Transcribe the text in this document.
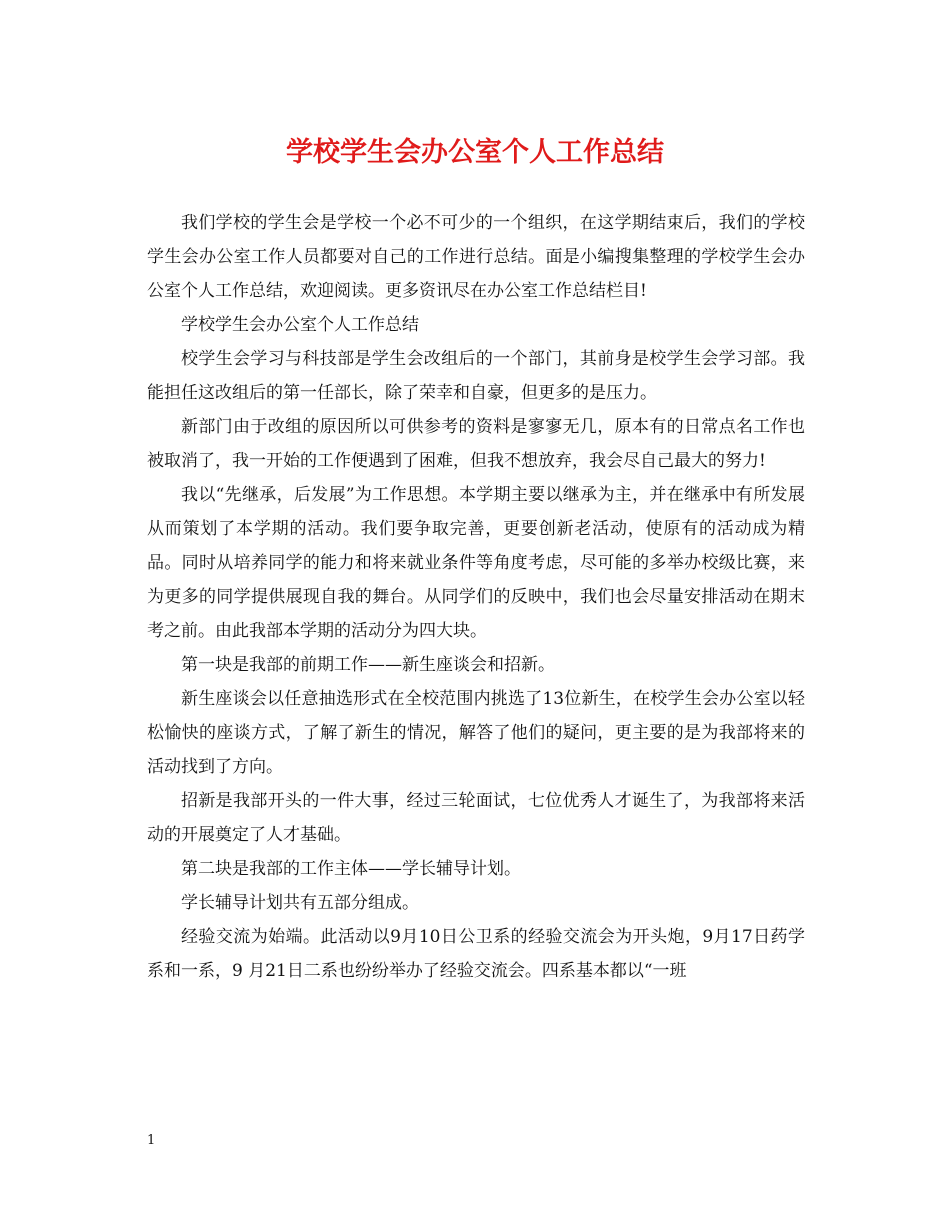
学校学生会办公室个人工作总结

我们学校的学生会是学校一个必不可少的一个组织，在这学期结束后，我们的学校学生会办公室工作人员都要对自己的工作进行总结。面是小编搜集整理的学校学生会办公室个人工作总结，欢迎阅读。更多资讯尽在办公室工作总结栏目!

学校学生会办公室个人工作总结

校学生会学习与科技部是学生会改组后的一个部门，其前身是校学生会学习部。我能担任这改组后的第一任部长，除了荣幸和自豪，但更多的是压力。

新部门由于改组的原因所以可供参考的资料是寥寥无几，原本有的日常点名工作也被取消了，我一开始的工作便遇到了困难，但我不想放弃，我会尽自己最大的努力!

我以“先继承，后发展”为工作思想。本学期主要以继承为主，并在继承中有所发展从而策划了本学期的活动。我们要争取完善，更要创新老活动，使原有的活动成为精品。同时从培养同学的能力和将来就业条件等角度考虑，尽可能的多举办校级比赛，来为更多的同学提供展现自我的舞台。从同学们的反映中，我们也会尽量安排活动在期末考之前。由此我部本学期的活动分为四大块。

第一块是我部的前期工作——新生座谈会和招新。

新生座谈会以任意抽选形式在全校范围内挑选了13位新生，在校学生会办公室以轻松愉快的座谈方式，了解了新生的情况，解答了他们的疑问，更主要的是为我部将来的活动找到了方向。

招新是我部开头的一件大事，经过三轮面试，七位优秀人才诞生了，为我部将来活动的开展奠定了人才基础。

第二块是我部的工作主体——学长辅导计划。

学长辅导计划共有五部分组成。

经验交流为始端。此活动以9月10日公卫系的经验交流会为开头炮，9月17日药学系和一系，9 月21日二系也纷纷举办了经验交流会。四系基本都以“一班

1
